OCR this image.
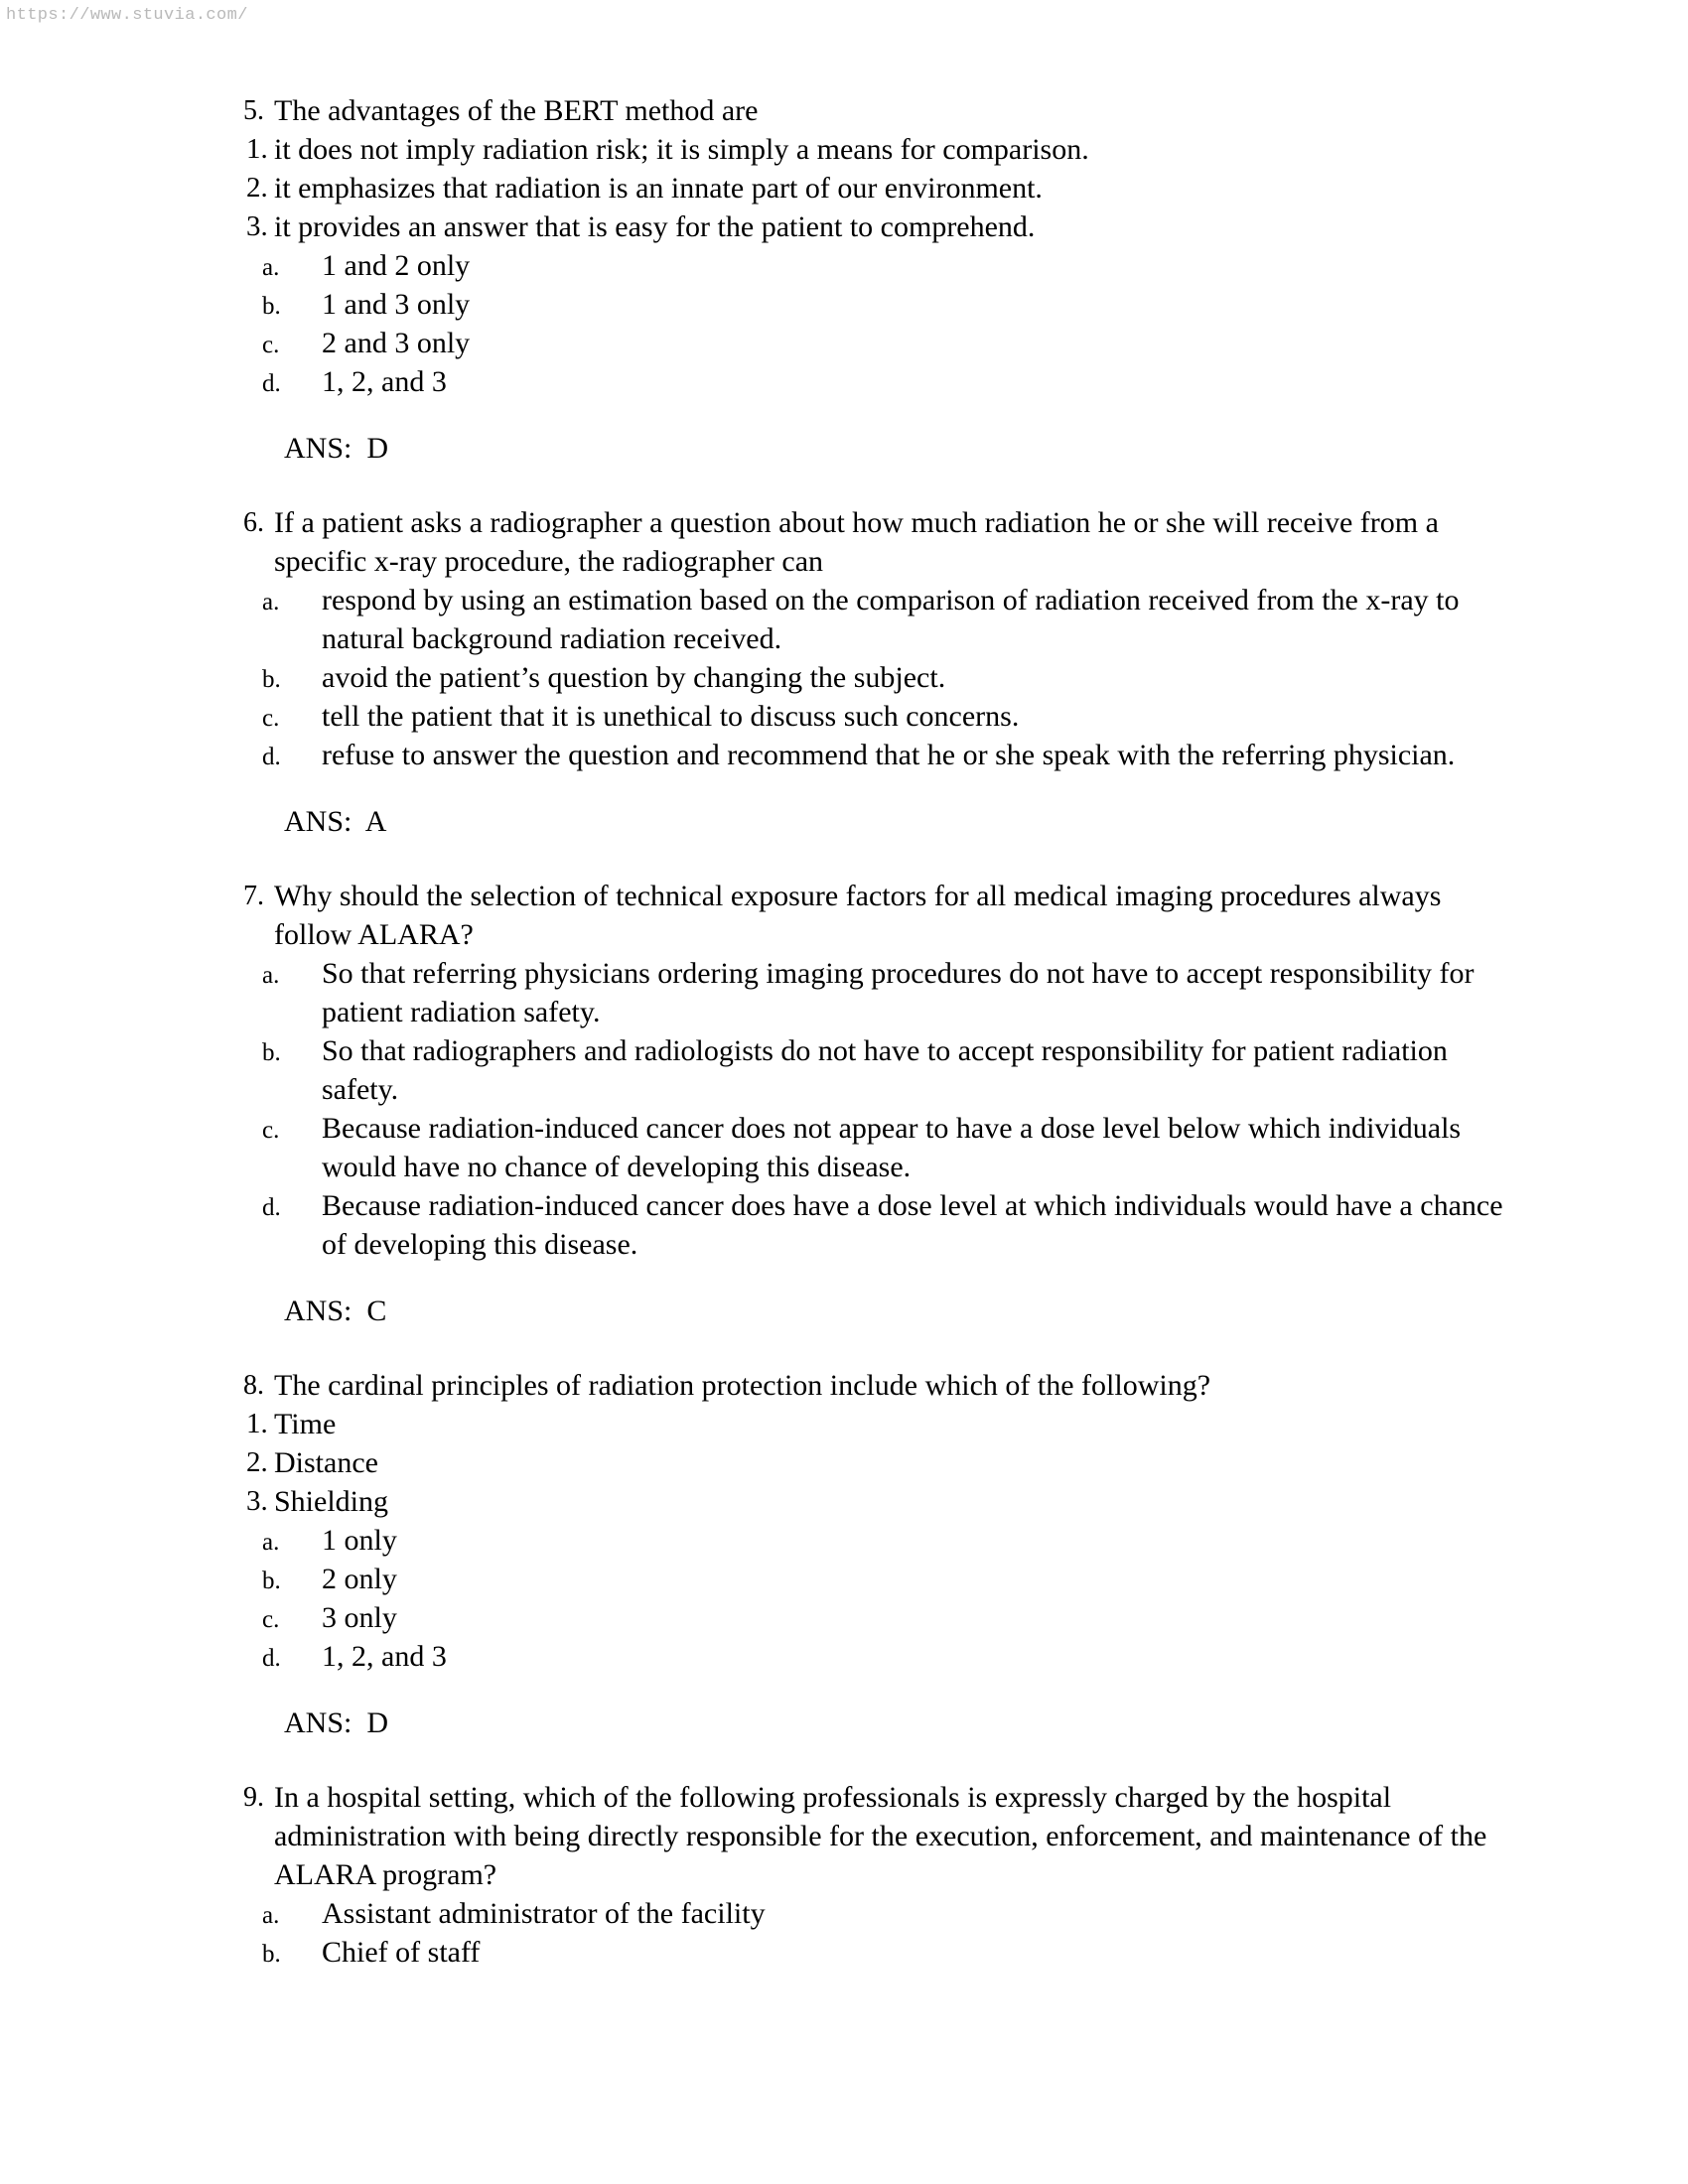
https://www.stuvia.com/
5. The advantages of the BERT method are
1. it does not imply radiation risk; it is simply a means for comparison.
2. it emphasizes that radiation is an innate part of our environment.
3. it provides an answer that is easy for the patient to comprehend.
a.	1 and 2 only
b.	1 and 3 only
c.	2 and 3 only
d.	1, 2, and 3
ANS:  D
6. If a patient asks a radiographer a question about how much radiation he or she will receive from a specific x-ray procedure, the radiographer can
a.	respond by using an estimation based on the comparison of radiation received from the x-ray to natural background radiation received.
b.	avoid the patient’s question by changing the subject.
c.	tell the patient that it is unethical to discuss such concerns.
d.	refuse to answer the question and recommend that he or she speak with the referring physician.
ANS:  A
7. Why should the selection of technical exposure factors for all medical imaging procedures always follow ALARA?
a.	So that referring physicians ordering imaging procedures do not have to accept responsibility for patient radiation safety.
b.	So that radiographers and radiologists do not have to accept responsibility for patient radiation safety.
c.	Because radiation-induced cancer does not appear to have a dose level below which individuals would have no chance of developing this disease.
d.	Because radiation-induced cancer does have a dose level at which individuals would have a chance of developing this disease.
ANS:  C
8. The cardinal principles of radiation protection include which of the following?
1. Time
2. Distance
3. Shielding
a.	1 only
b.	2 only
c.	3 only
d.	1, 2, and 3
ANS:  D
9. In a hospital setting, which of the following professionals is expressly charged by the hospital administration with being directly responsible for the execution, enforcement, and maintenance of the ALARA program?
a.	Assistant administrator of the facility
b.	Chief of staff
